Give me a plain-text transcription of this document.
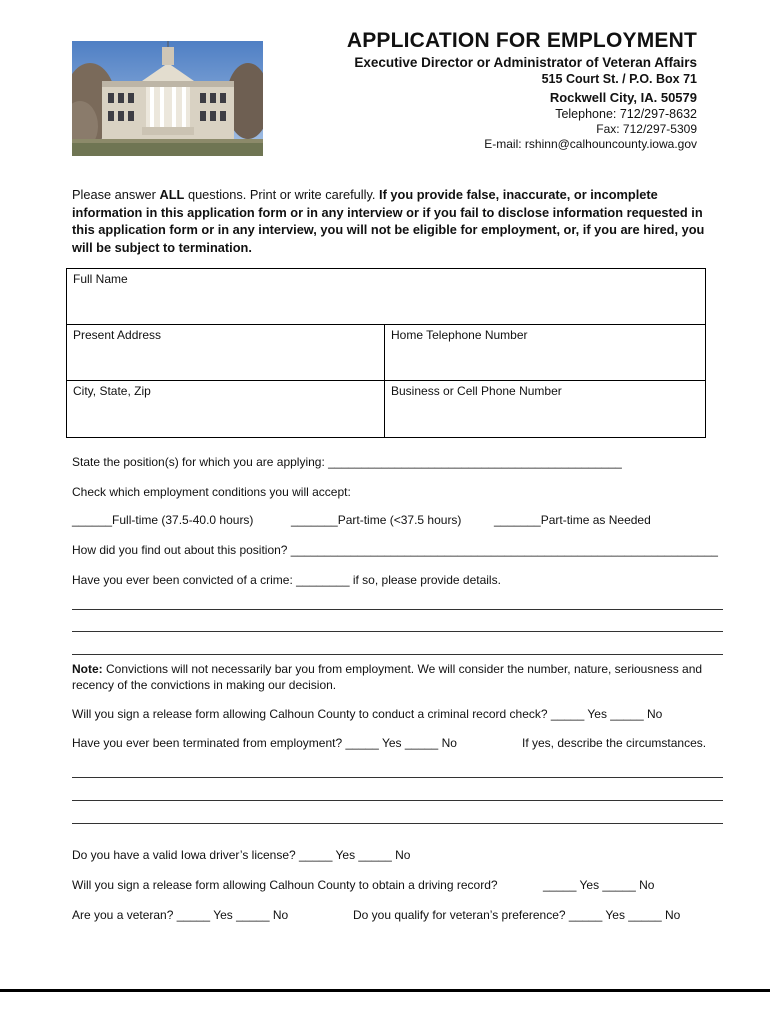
APPLICATION FOR EMPLOYMENT
Executive Director or Administrator of Veteran Affairs
515 Court St. / P.O. Box 71
Rockwell City, IA. 50579
Telephone: 712/297-8632
Fax: 712/297-5309
E-mail: rshinn@calhouncounty.iowa.gov
Please answer ALL questions. Print or write carefully. If you provide false, inaccurate, or incomplete information in this application form or in any interview or if you fail to disclose information requested in this application form or in any interview, you will not be eligible for employment, or, if you are hired, you will be subject to termination.
Full Name
Present Address	Home Telephone Number
City, State, Zip	Business or Cell Phone Number
State the position(s) for which you are applying: ____________________________________________
Check which employment conditions you will accept:
______Full-time (37.5-40.0 hours)	_______Part-time (<37.5 hours)	_______Part-time as Needed
How did you find out about this position? ________________________________________________________________
Have you ever been convicted of a crime: ________ if so, please provide details.
Note: Convictions will not necessarily bar you from employment. We will consider the number, nature, seriousness and recency of the convictions in making our decision.
Will you sign a release form allowing Calhoun County to conduct a criminal record check? _____ Yes _____ No
Have you ever been terminated from employment? _____ Yes _____ No	If yes, describe the circumstances.
Do you have a valid Iowa driver’s license? _____ Yes _____ No
Will you sign a release form allowing Calhoun County to obtain a driving record?	_____ Yes _____ No
Are you a veteran? _____ Yes _____ No	Do you qualify for veteran’s preference? _____ Yes _____ No
